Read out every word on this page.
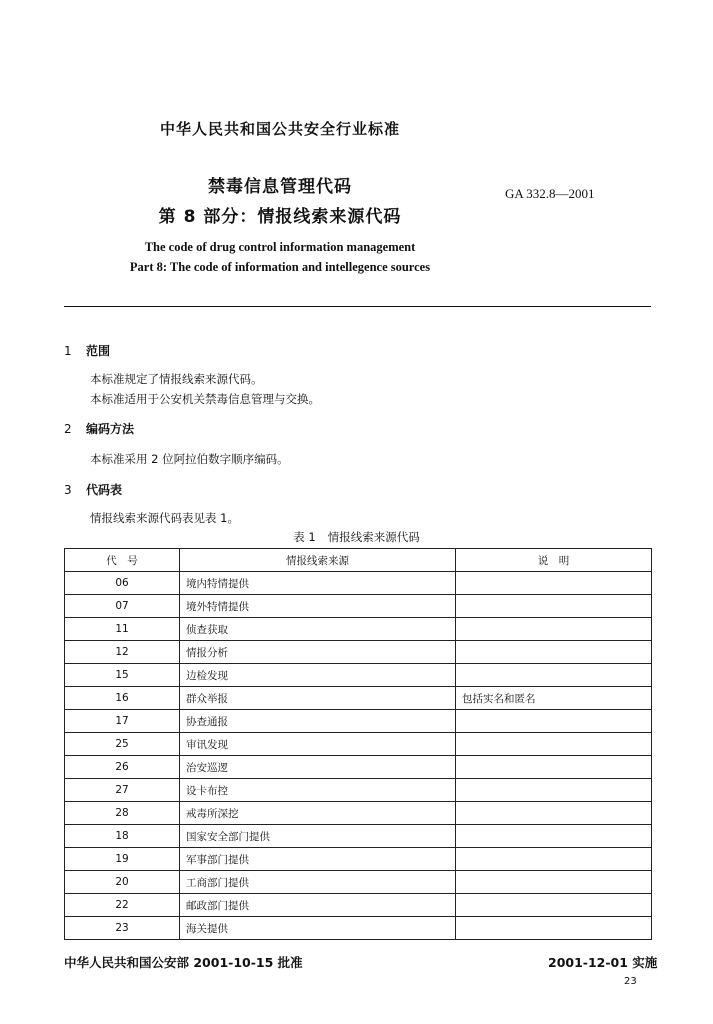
中华人民共和国公共安全行业标准
禁毒信息管理代码
第 8 部分：情报线索来源代码
GA 332.8—2001
The code of drug control information management
Part 8: The code of information and intellegence sources
1 范围
本标准规定了情报线索来源代码。
本标准适用于公安机关禁毒信息管理与交换。
2 编码方法
本标准采用 2 位阿拉伯数字顺序编码。
3 代码表
情报线索来源代码表见表 1。
表 1 情报线索来源代码
代　号	情报线索来源	说　明
06	境内特情提供	
07	境外特情提供	
11	侦查获取	
12	情报分析	
15	边检发现	
16	群众举报	包括实名和匿名
17	协查通报	
25	审讯发现	
26	治安巡逻	
27	设卡布控	
28	戒毒所深挖	
18	国家安全部门提供	
19	军事部门提供	
20	工商部门提供	
22	邮政部门提供	
23	海关提供	
中华人民共和国公安部 2001-10-15 批准	2001-12-01 实施
23
